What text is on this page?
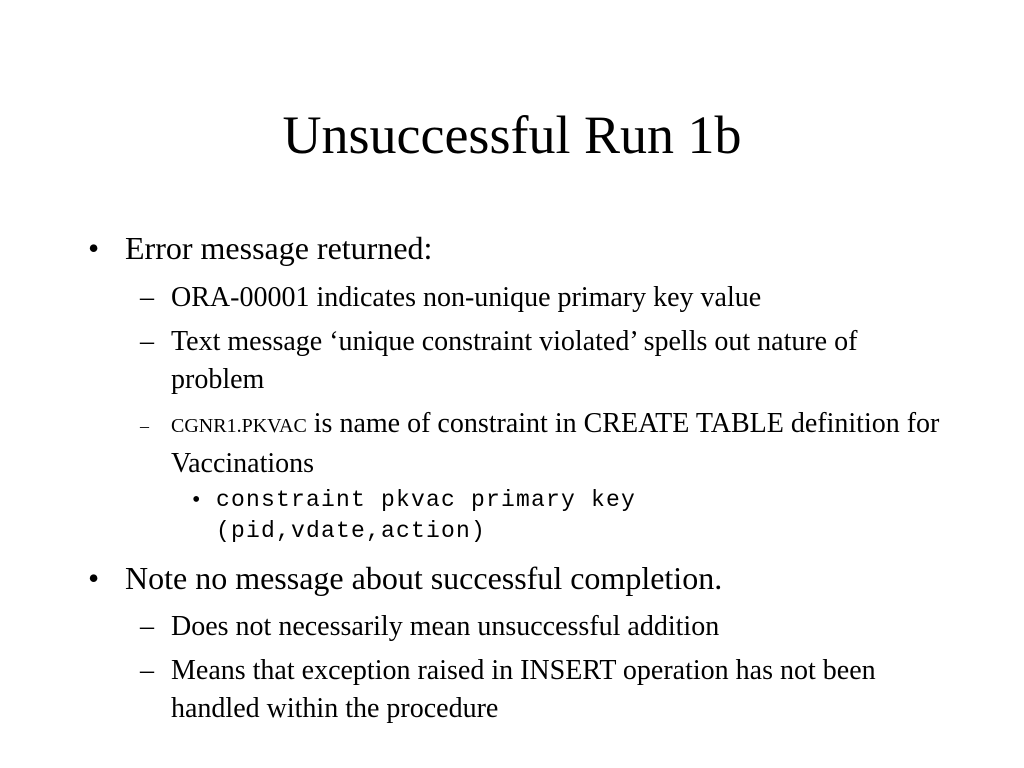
Unsuccessful Run 1b
• Error message returned:
– ORA-00001 indicates non-unique primary key value
– Text message ‘unique constraint violated’ spells out nature of problem
– CGNR1.PKVAC is name of constraint in CREATE TABLE definition for Vaccinations
• constraint pkvac primary key (pid,vdate,action)
• Note no message about successful completion.
– Does not necessarily mean unsuccessful addition
– Means that exception raised in INSERT operation has not been handled within the procedure
